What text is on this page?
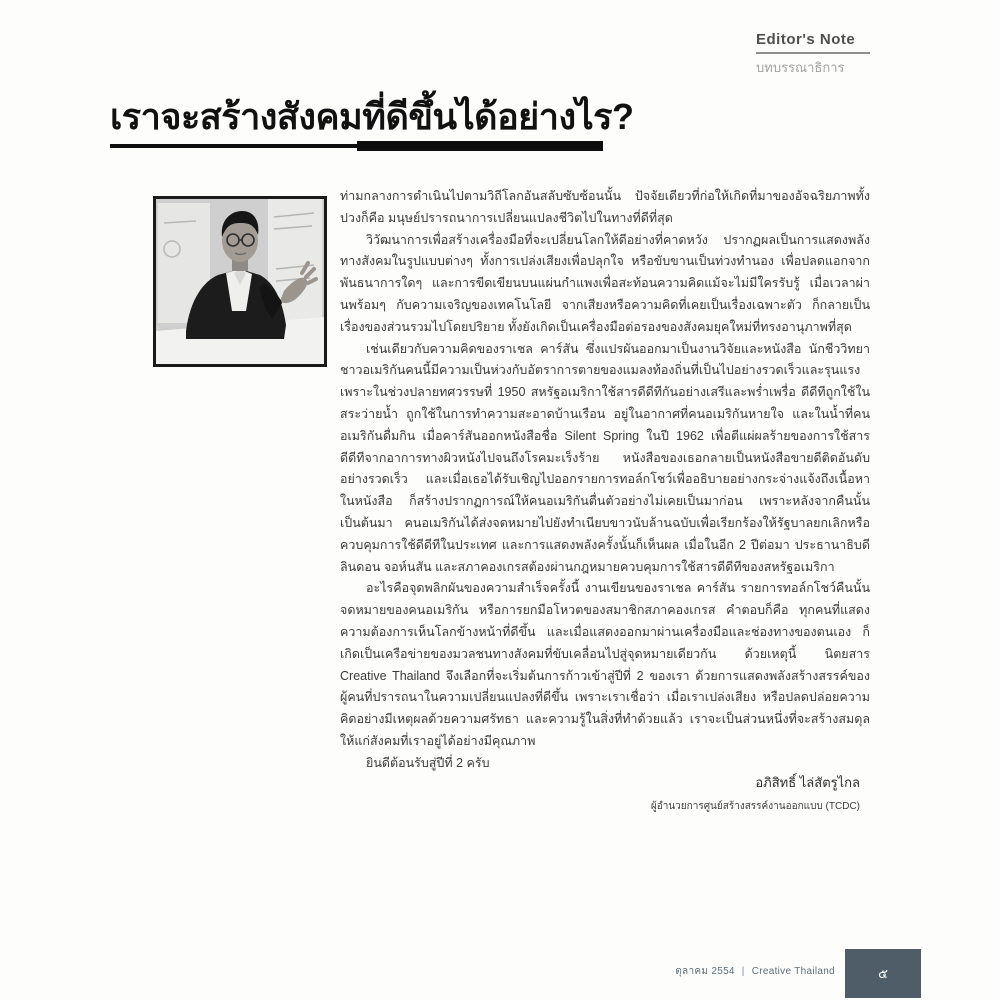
Editor's Note
บทบรรณาธิการ
เราจะสร้างสังคมที่ดีขึ้นได้อย่างไร?

ท่ามกลางการดำเนินไปตามวิถีโลกอันสลับซับซ้อนนั้น ปัจจัยเดียวที่ก่อให้เกิดที่มาของอัจฉริยภาพทั้งปวงก็คือ มนุษย์ปรารถนาการเปลี่ยนแปลงชีวิตไปในทางที่ดีที่สุด

วิวัฒนาการเพื่อสร้างเครื่องมือที่จะเปลี่ยนโลกให้ดีอย่างที่คาดหวัง ปรากฏผลเป็นการแสดงพลังทางสังคมในรูปแบบต่างๆ ทั้งการเปล่งเสียงเพื่อปลุกใจ หรือขับขานเป็นท่วงทำนอง เพื่อปลดแอกจากพันธนาการใดๆ และการขีดเขียนบนแผ่นกำแพงเพื่อสะท้อนความคิดแม้จะไม่มีใครรับรู้ เมื่อเวลาผ่านพร้อมๆ กับความเจริญของเทคโนโลยี จากเสียงหรือความคิดที่เคยเป็นเรื่องเฉพาะตัว ก็กลายเป็นเรื่องของส่วนรวมไปโดยปริยาย ทั้งยังเกิดเป็นเครื่องมือต่อรองของสังคมยุคใหม่ที่ทรงอานุภาพที่สุด

เช่นเดียวกับความคิดของราเชล คาร์สัน ซึ่งแปรผันออกมาเป็นงานวิจัยและหนังสือ นักชีววิทยาชาวอเมริกันคนนี้มีความเป็นห่วงกับอัตราการตายของแมลงท้องถิ่นที่เป็นไปอย่างรวดเร็วและรุนแรง เพราะในช่วงปลายทศวรรษที่ 1950 สหรัฐอเมริกาใช้สารดีดีทีกันอย่างเสรีและพร่ำเพรื่อ ดีดีทีถูกใช้ในสระว่ายน้ำ ถูกใช้ในการทำความสะอาดบ้านเรือน อยู่ในอากาศที่คนอเมริกันหายใจ และในน้ำที่คนอเมริกันดื่มกิน เมื่อคาร์สันออกหนังสือชื่อ Silent Spring ในปี 1962 เพื่อตีแผ่ผลร้ายของการใช้สารดีดีทีจากอาการทางผิวหนังไปจนถึงโรคมะเร็งร้าย หนังสือของเธอกลายเป็นหนังสือขายดีติดอันดับอย่างรวดเร็ว และเมื่อเธอได้รับเชิญไปออกรายการทอล์กโชว์เพื่ออธิบายอย่างกระจ่างแจ้งถึงเนื้อหาในหนังสือ ก็สร้างปรากฏการณ์ให้คนอเมริกันตื่นตัวอย่างไม่เคยเป็นมาก่อน เพราะหลังจากคืนนั้นเป็นต้นมา คนอเมริกันได้ส่งจดหมายไปยังทำเนียบขาวนับล้านฉบับเพื่อเรียกร้องให้รัฐบาลยกเลิกหรือควบคุมการใช้ดีดีทีในประเทศ และการแสดงพลังครั้งนั้นก็เห็นผล เมื่อในอีก 2 ปีต่อมา ประธานาธิบดีลินดอน จอห์นสัน และสภาคองเกรสต้องผ่านกฎหมายควบคุมการใช้สารดีดีทีของสหรัฐอเมริกา

อะไรคือจุดพลิกผันของความสำเร็จครั้งนี้ งานเขียนของราเชล คาร์สัน รายการทอล์กโชว์คืนนั้น จดหมายของคนอเมริกัน หรือการยกมือโหวตของสมาชิกสภาคองเกรส คำตอบก็คือ ทุกคนที่แสดงความต้องการเห็นโลกข้างหน้าที่ดีขึ้น และเมื่อแสดงออกมาผ่านเครื่องมือและช่องทางของตนเอง ก็เกิดเป็นเครือข่ายของมวลชนทางสังคมที่ขับเคลื่อนไปสู่จุดหมายเดียวกัน ด้วยเหตุนี้ นิตยสาร Creative Thailand จึงเลือกที่จะเริ่มต้นการก้าวเข้าสู่ปีที่ 2 ของเรา ด้วยการแสดงพลังสร้างสรรค์ของผู้คนที่ปรารถนาในความเปลี่ยนแปลงที่ดีขึ้น เพราะเราเชื่อว่า เมื่อเราเปล่งเสียง หรือปลดปล่อยความคิดอย่างมีเหตุผลด้วยความศรัทธา และความรู้ในสิ่งที่ทำด้วยแล้ว เราจะเป็นส่วนหนึ่งที่จะสร้างสมดุลให้แก่สังคมที่เราอยู่ได้อย่างมีคุณภาพ

ยินดีต้อนรับสู่ปีที่ 2 ครับ

อภิสิทธิ์ ไล่สัตรูไกล
ผู้อำนวยการศูนย์สร้างสรรค์งานออกแบบ (TCDC)
ตุลาคม 2554 | Creative Thailand	๕
